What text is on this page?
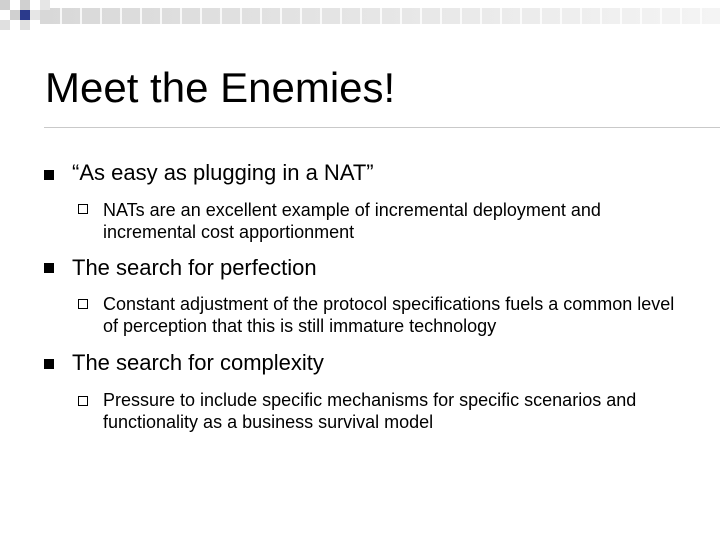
Meet the Enemies!
“As easy as plugging in a NAT”
NATs are an excellent example of incremental deployment and incremental cost apportionment
The search for perfection
Constant adjustment of the protocol specifications fuels a common level of perception that this is still immature technology
The search for complexity
Pressure to include specific mechanisms for specific scenarios and functionality as a business survival model
